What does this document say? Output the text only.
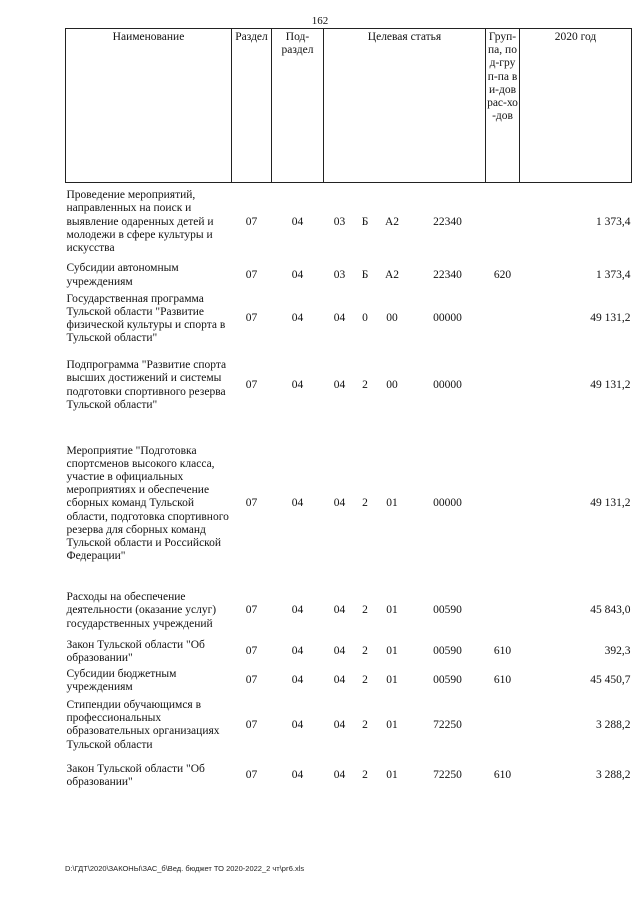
162
Наименование	Раздел	Под-раздел	Целевая статья				Груп-па, под-груп-па ви-дов рас-хо-дов	2020 год
Проведение мероприятий, направленных на поиск и выявление одаренных детей и молодежи в сфере культуры и искусства	07	04	03	Б	А2	22340		1 373,4
Субсидии автономным учреждениям	07	04	03	Б	А2	22340	620	1 373,4
Государственная программа Тульской области "Развитие физической культуры и спорта в Тульской области"	07	04	04	0	00	00000		49 131,2
Подпрограмма "Развитие спорта высших достижений и системы подготовки спортивного резерва Тульской области"	07	04	04	2	00	00000		49 131,2
Мероприятие "Подготовка спортсменов высокого класса, участие в официальных мероприятиях и обеспечение сборных команд Тульской области, подготовка спортивного резерва для сборных команд Тульской области и Российской Федерации"	07	04	04	2	01	00000		49 131,2
Расходы на обеспечение деятельности (оказание услуг) государственных учреждений	07	04	04	2	01	00590		45 843,0
Закон Тульской области "Об образовании"	07	04	04	2	01	00590	610	392,3
Субсидии бюджетным учреждениям	07	04	04	2	01	00590	610	45 450,7
Стипендии обучающимся в профессиональных образовательных организациях Тульской области	07	04	04	2	01	72250		3 288,2
Закон Тульской области "Об образовании"	07	04	04	2	01	72250	610	3 288,2
D:\ГДТ\2020\ЗАКОНЫ\ЗАС_б\Вед. бюджет ТО 2020-2022_2 чт\рг6.xls
